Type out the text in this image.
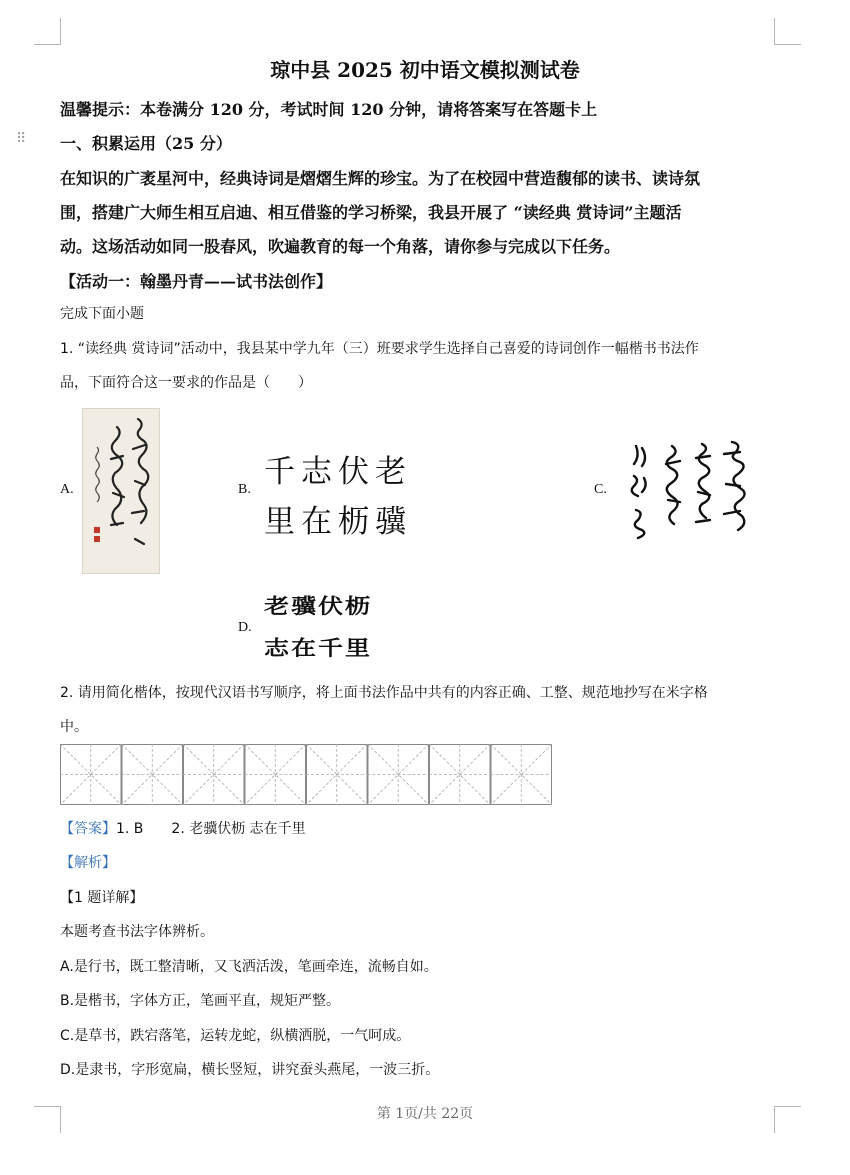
⠿
琼中县 2025 初中语文模拟测试卷
温馨提示：本卷满分 120 分，考试时间 120 分钟，请将答案写在答题卡上
一、积累运用（25 分）
在知识的广袤星河中，经典诗词是熠熠生辉的珍宝。为了在校园中营造馥郁的读书、读诗氛
围，搭建广大师生相互启迪、相互借鉴的学习桥梁，我县开展了 “读经典 赏诗词”主题活
动。这场活动如同一股春风，吹遍教育的每一个角落，请你参与完成以下任务。
【活动一：翰墨丹青——试书法创作】
完成下面小题
1. “读经典 赏诗词”活动中，我县某中学九年（三）班要求学生选择自己喜爱的诗词创作一幅楷书书法作
品，下面符合这一要求的作品是（　　）
A.	B. 千志伏老
里在枥骥
C.
D.
老骥伏枥
志在千里
2. 请用简化楷体，按现代汉语书写顺序，将上面书法作品中共有的内容正确、工整、规范地抄写在米字格
中。
【答案】1. B　　2. 老骥伏枥 志在千里
【解析】
【1 题详解】
本题考查书法字体辨析。
A.是行书，既工整清晰，又飞洒活泼，笔画牵连，流畅自如。
B.是楷书，字体方正，笔画平直，规矩严整。
C.是草书，跌宕落笔，运转龙蛇，纵横洒脱，一气呵成。
D.是隶书，字形宽扁，横长竖短，讲究蚕头燕尾，一波三折。
第 1页/共 22页
